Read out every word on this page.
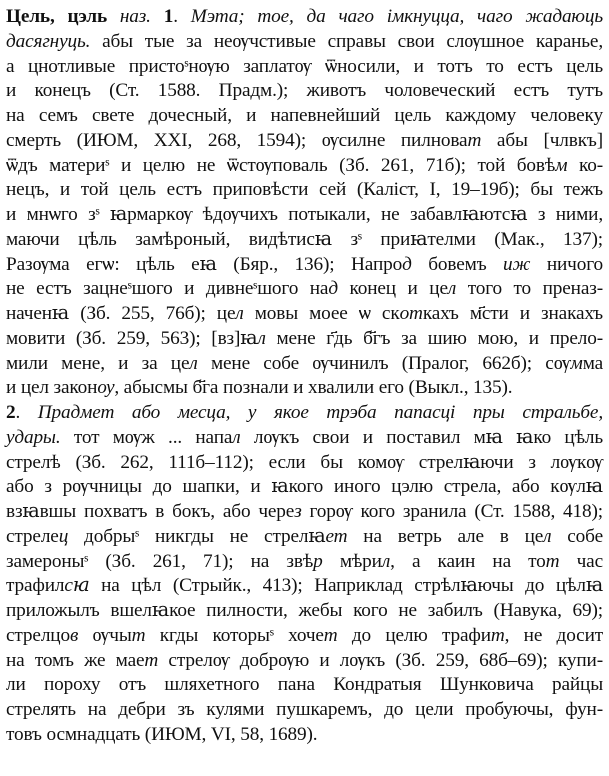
Цель, цэль наз. 1. Мэта; тое, да чаго імкнуцца, чаго жадаюць
дасягнуць. абы тые за неѹчстивые справы свои слѹшное каранье,
а цнотливые пристоˢнѹю заплатѹ ѿносили, и тотъ то естъ цель
и конецъ (Ст. 1588. Прадм.); животъ чоловеческий естъ тутъ
на семъ свете дочесный, и напевнейший цель каждому человеку
смерть (ИЮМ, XXI, 268, 1594); ѹсилне пилноват абы [члвкъ]
ѿдъ материˢ и целю не ѿстѹповаль (Зб. 261, 71б); той бовѣм ко-
нецъ, и той цель естъ приповѣсти сей (Каліст, І, 19–19б); бы тежъ
и мнѡго зˢ ꙗрмаркѹ ѣдѹчихъ потыкали, не забавлꙗютсꙗ з ними,
маючи цѣль замѣроный, видѣтисꙗ зˢ приꙗтелми (Мак., 137);
Разѹма егѡ: цѣль еꙗ (Бяр., 136); Напрод бовемъ иж ничого
не естъ зацнеˢшого и дивнеˢшого над конец и цел того то преназ-
наченꙗ (Зб. 255, 76б); цел мовы моее ѡ скоткахъ м҃сти и знакахъ
мовити (Зб. 259, 563); [вз]ꙗл мене г҃дь б҃гъ за шию мою, и прело-
мили мене, и за цел мене собе ѹчинилъ (Пралог, 662б); сѹмма
и цел законѹ, абысмы б҃га познали и хвалили его (Выкл., 135).
2. Прадмет або месца, у якое трэба папасці пры стральбе,
удары. тот мѹж ... напал лѹкъ свои и поставил мꙗ ꙗко цѣль
стрелѣ (Зб. 262, 111б–112); если бы комѹ стрелꙗючи з лѹкѹ
або з рѹчницы до шапки, и ꙗкого иного цэлю стрела, або кѹлꙗ
взꙗвшы похватъ в бокъ, або через горѹ кого зранила (Ст. 1588, 418);
стрелец добрыˢ никгды не стрелꙗет на ветрь але в цел собе
замероныˢ (Зб. 261, 71); на звѣр мѣрил, а каин на тот час
трафилсꙗ на цѣл (Стрыйк., 413); Наприклад стрѣлꙗючы до цѣлꙗ
приложылъ вшелꙗкое пилности, жебы кого не забилъ (Навука, 69);
стрелцов ѹчыт кгды которыˢ хочет до целю трафит, не досит
на томъ же мает стрелѹ добрѹю и лѹкъ (Зб. 259, 68б–69); купи-
ли пороху отъ шляхетного пана Кондратыя Шунковича райцы
стрелять на дебри зъ кулями пушкаремъ, до цели пробуючы, фун-
товъ осмнадцать (ИЮМ, VI, 58, 1689).
